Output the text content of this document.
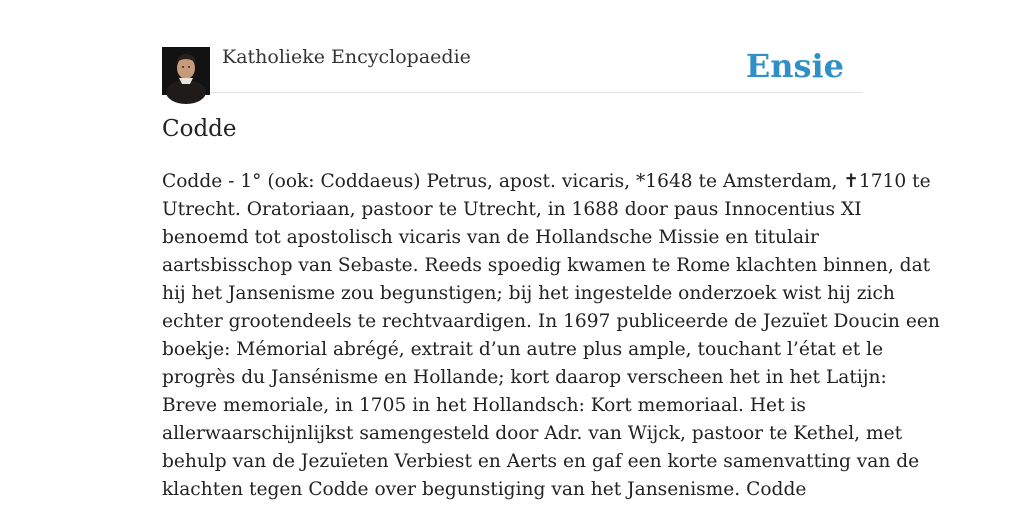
Katholieke Encyclopaedie	Ensie
Codde
Codde - 1° (ook: Coddaeus) Petrus, apost. vicaris, *1648 te Amsterdam, ✝1710 te
Utrecht. Oratoriaan, pastoor te Utrecht, in 1688 door paus Innocentius XI
benoemd tot apostolisch vicaris van de Hollandsche Missie en titulair
aartsbisschop van Sebaste. Reeds spoedig kwamen te Rome klachten binnen, dat
hij het Jansenisme zou begunstigen; bij het ingestelde onderzoek wist hij zich
echter grootendeels te rechtvaardigen. In 1697 publiceerde de Jezuïet Doucin een
boekje: Mémorial abrégé, extrait d’un autre plus ample, touchant l’état et le
progrès du Jansénisme en Hollande; kort daarop verscheen het in het Latijn:
Breve memoriale, in 1705 in het Hollandsch: Kort memoriaal. Het is
allerwaarschijnlijkst samengesteld door Adr. van Wijck, pastoor te Kethel, met
behulp van de Jezuïeten Verbiest en Aerts en gaf een korte samenvatting van de
klachten tegen Codde over begunstiging van het Jansenisme. Codde
